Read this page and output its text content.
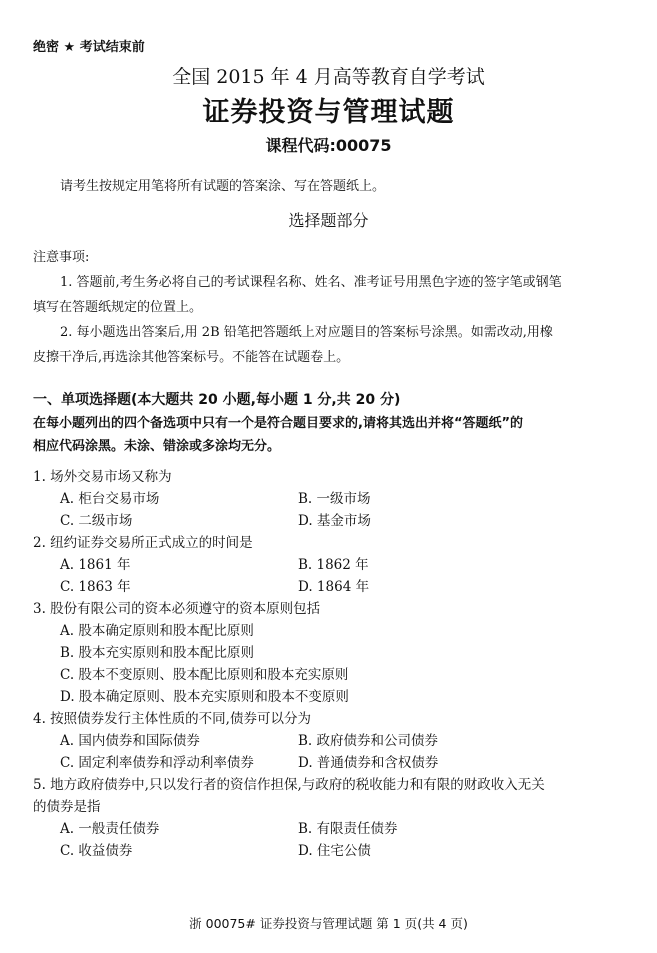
绝密 ★ 考试结束前
全国 2015 年 4 月高等教育自学考试
证券投资与管理试题
课程代码:00075
请考生按规定用笔将所有试题的答案涂、写在答题纸上。
选择题部分
注意事项:
1. 答题前,考生务必将自己的考试课程名称、姓名、准考证号用黑色字迹的签字笔或钢笔
填写在答题纸规定的位置上。
2. 每小题选出答案后,用 2B 铅笔把答题纸上对应题目的答案标号涂黑。如需改动,用橡
皮擦干净后,再选涂其他答案标号。不能答在试题卷上。
一、单项选择题(本大题共 20 小题,每小题 1 分,共 20 分)
在每小题列出的四个备选项中只有一个是符合题目要求的,请将其选出并将“答题纸”的
相应代码涂黑。未涂、错涂或多涂均无分。
1. 场外交易市场又称为
A. 柜台交易市场	B. 一级市场
C. 二级市场	D. 基金市场
2. 纽约证券交易所正式成立的时间是
A. 1861 年	B. 1862 年
C. 1863 年	D. 1864 年
3. 股份有限公司的资本必须遵守的资本原则包括
A. 股本确定原则和股本配比原则
B. 股本充实原则和股本配比原则
C. 股本不变原则、股本配比原则和股本充实原则
D. 股本确定原则、股本充实原则和股本不变原则
4. 按照债券发行主体性质的不同,债券可以分为
A. 国内债券和国际债券	B. 政府债券和公司债券
C. 固定利率债券和浮动利率债券	D. 普通债券和含权债券
5. 地方政府债券中,只以发行者的资信作担保,与政府的税收能力和有限的财政收入无关
的债券是指
A. 一般责任债券	B. 有限责任债券
C. 收益债券	D. 住宅公债
浙 00075# 证券投资与管理试题 第 1 页(共 4 页)
